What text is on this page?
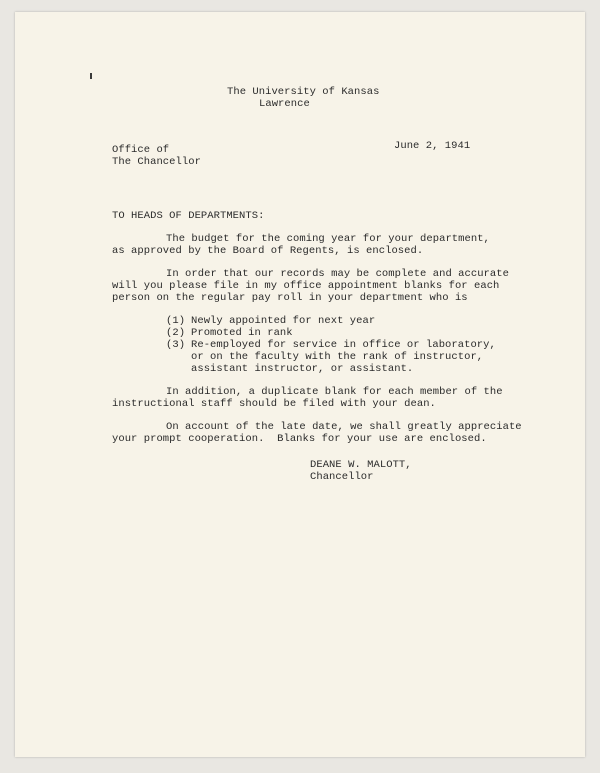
The University of Kansas
Lawrence
Office of
The Chancellor
June 2, 1941
TO HEADS OF DEPARTMENTS:
The budget for the coming year for your department,
as approved by the Board of Regents, is enclosed.
In order that our records may be complete and accurate
will you please file in my office appointment blanks for each
person on the regular pay roll in your department who is
(1) Newly appointed for next year
(2) Promoted in rank
(3) Re-employed for service in office or laboratory,
or on the faculty with the rank of instructor,
assistant instructor, or assistant.
In addition, a duplicate blank for each member of the
instructional staff should be filed with your dean.
On account of the late date, we shall greatly appreciate
your prompt cooperation.  Blanks for your use are enclosed.
DEANE W. MALOTT,
Chancellor
